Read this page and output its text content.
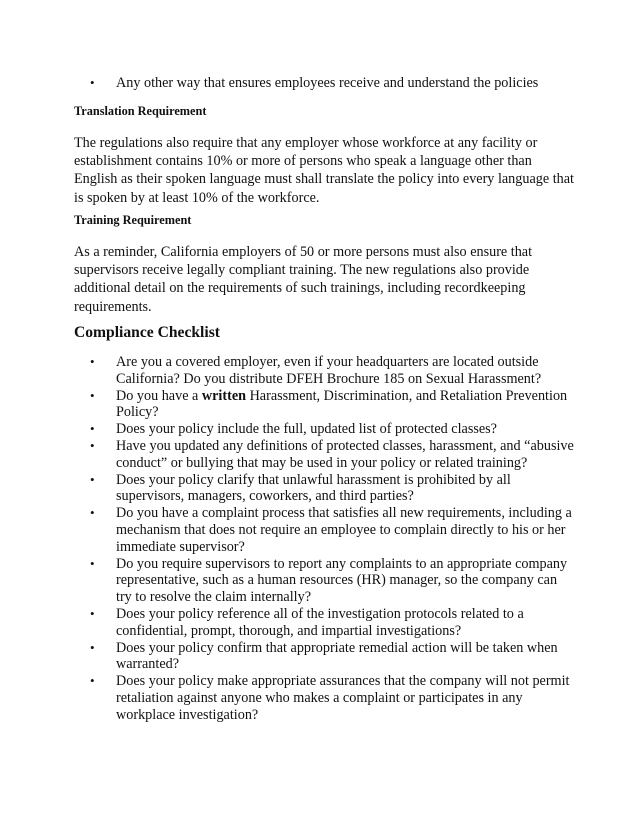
• Any other way that ensures employees receive and understand the policies
Translation Requirement
The regulations also require that any employer whose workforce at any facility or establishment contains 10% or more of persons who speak a language other than English as their spoken language must shall translate the policy into every language that is spoken by at least 10% of the workforce.
Training Requirement
As a reminder, California employers of 50 or more persons must also ensure that supervisors receive legally compliant training. The new regulations also provide additional detail on the requirements of such trainings, including recordkeeping requirements.
Compliance Checklist
• Are you a covered employer, even if your headquarters are located outside California? Do you distribute DFEH Brochure 185 on Sexual Harassment?
• Do you have a written Harassment, Discrimination, and Retaliation Prevention Policy?
• Does your policy include the full, updated list of protected classes?
• Have you updated any definitions of protected classes, harassment, and “abusive conduct” or bullying that may be used in your policy or related training?
• Does your policy clarify that unlawful harassment is prohibited by all supervisors, managers, coworkers, and third parties?
• Do you have a complaint process that satisfies all new requirements, including a mechanism that does not require an employee to complain directly to his or her immediate supervisor?
• Do you require supervisors to report any complaints to an appropriate company representative, such as a human resources (HR) manager, so the company can try to resolve the claim internally?
• Does your policy reference all of the investigation protocols related to a confidential, prompt, thorough, and impartial investigations?
• Does your policy confirm that appropriate remedial action will be taken when warranted?
• Does your policy make appropriate assurances that the company will not permit retaliation against anyone who makes a complaint or participates in any workplace investigation?
